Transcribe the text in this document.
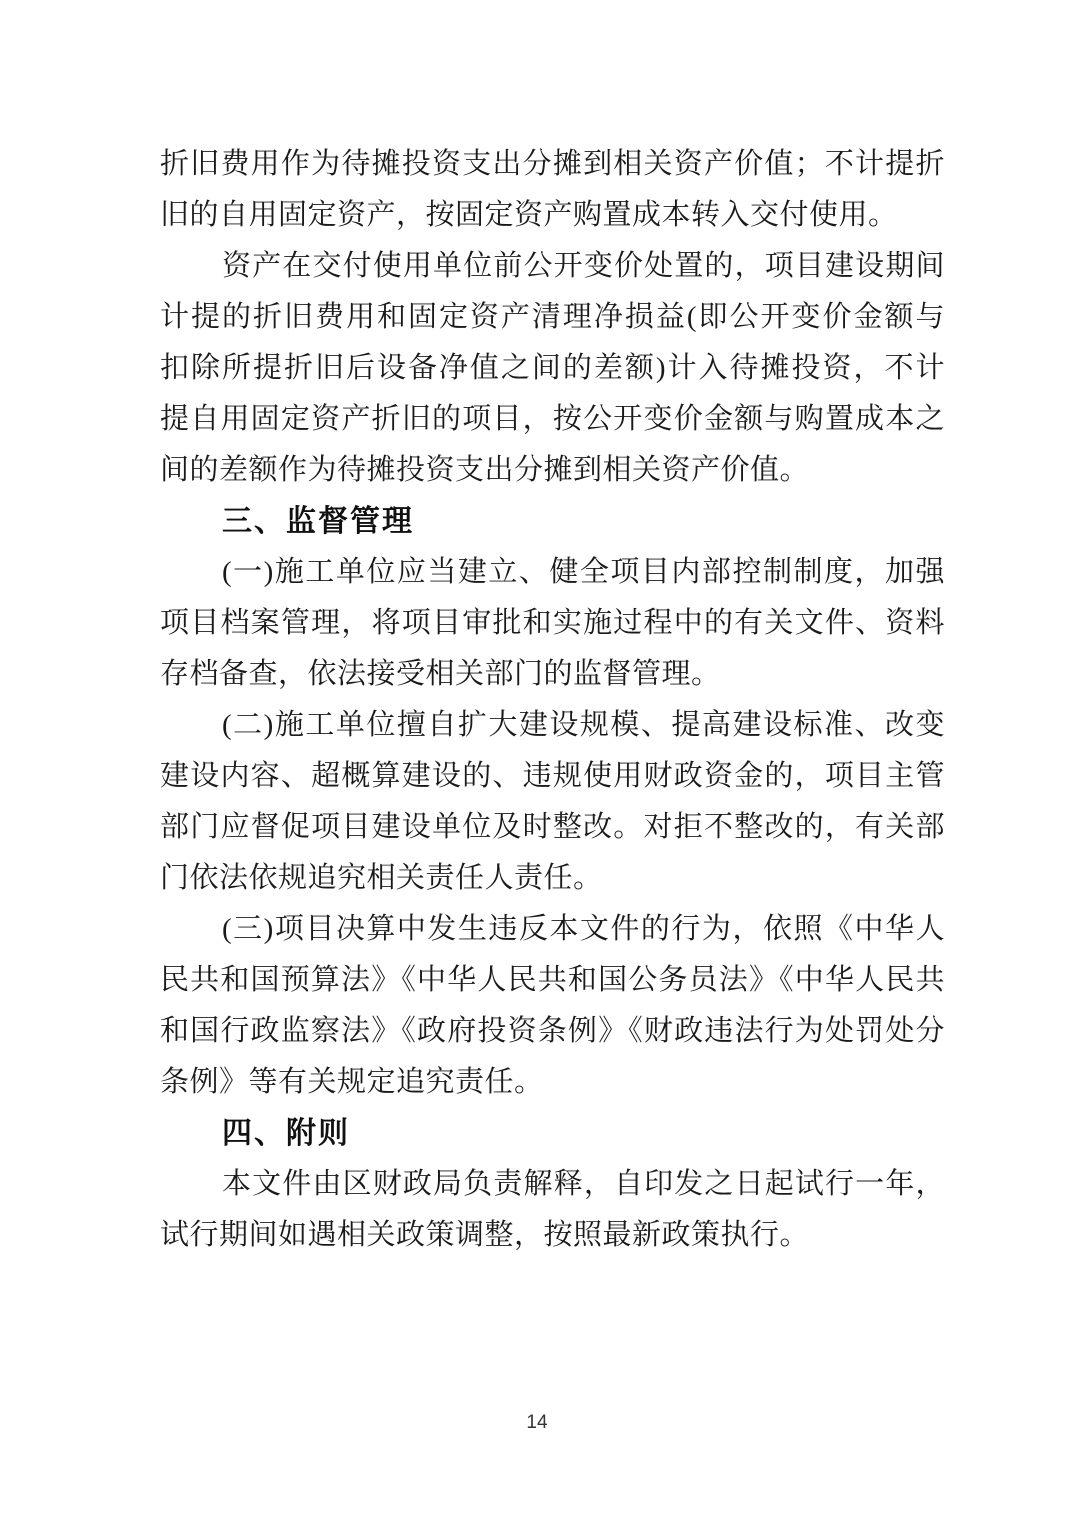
折旧费用作为待摊投资支出分摊到相关资产价值；不计提折
旧的自用固定资产，按固定资产购置成本转入交付使用。
资产在交付使用单位前公开变价处置的，项目建设期间
计提的折旧费用和固定资产清理净损益(即公开变价金额与
扣除所提折旧后设备净值之间的差额)计入待摊投资，不计
提自用固定资产折旧的项目，按公开变价金额与购置成本之
间的差额作为待摊投资支出分摊到相关资产价值。
三、监督管理
(一)施工单位应当建立、健全项目内部控制制度，加强
项目档案管理，将项目审批和实施过程中的有关文件、资料
存档备查，依法接受相关部门的监督管理。
(二)施工单位擅自扩大建设规模、提高建设标准、改变
建设内容、超概算建设的、违规使用财政资金的，项目主管
部门应督促项目建设单位及时整改。对拒不整改的，有关部
门依法依规追究相关责任人责任。
(三)项目决算中发生违反本文件的行为，依照《中华人
民共和国预算法》《中华人民共和国公务员法》《中华人民共
和国行政监察法》《政府投资条例》《财政违法行为处罚处分
条例》等有关规定追究责任。
四、附则
本文件由区财政局负责解释，自印发之日起试行一年，
试行期间如遇相关政策调整，按照最新政策执行。
14
